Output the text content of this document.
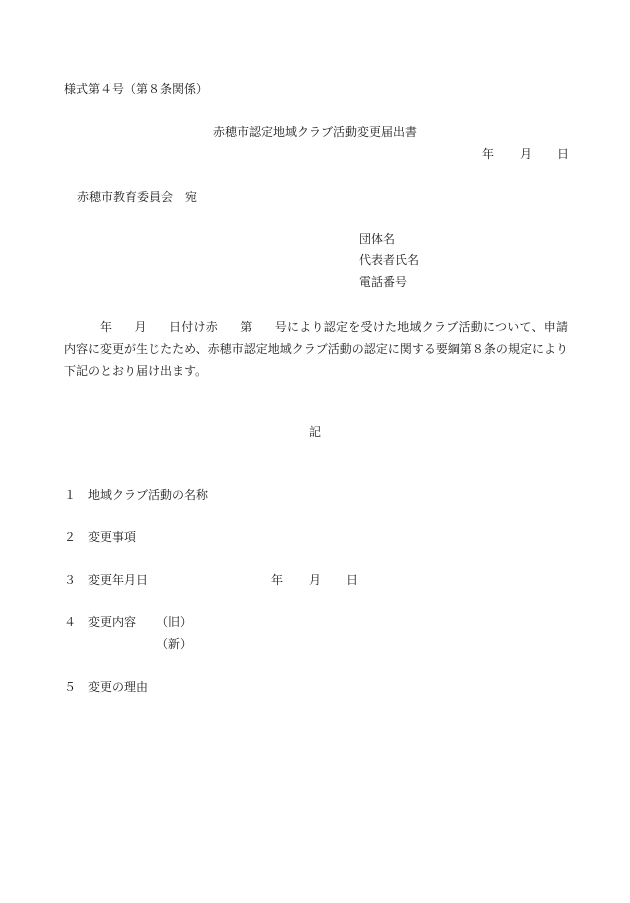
様式第４号（第８条関係）
赤穂市認定地域クラブ活動変更届出書
年 月 日
赤穂市教育委員会　宛
団体名
代表者氏名
電話番号
年 月 日付け赤 第 号により認定を受けた地域クラブ活動について、申請内容に変更が生じたため、赤穂市認定地域クラブ活動の認定に関する要綱第８条の規定により下記のとおり届け出ます。
記
１ 地域クラブ活動の名称
２ 変更事項
３ 変更年月日	年 月 日
４ 変更内容 （旧）
（新）
５ 変更の理由
